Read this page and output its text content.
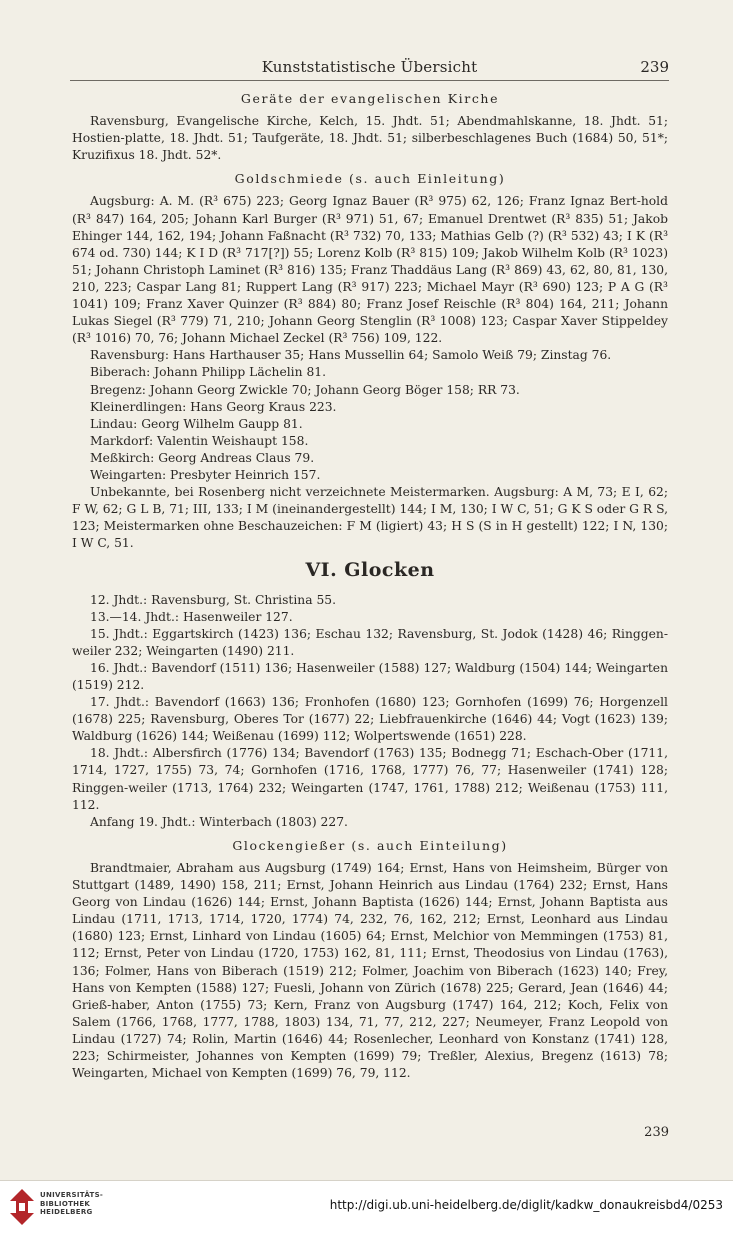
Kunststatistische Übersicht	239
Geräte der evangelischen Kirche

Ravensburg, Evangelische Kirche, Kelch, 15. Jhdt. 51; Abendmahlskanne, 18. Jhdt. 51; Hostien-platte, 18. Jhdt. 51; Taufgeräte, 18. Jhdt. 51; silberbeschlagenes Buch (1684) 50, 51*; Kruzifixus 18. Jhdt. 52*.

Goldschmiede (s. auch Einleitung)

Augsburg: A. M. (R³ 675) 223; Georg Ignaz Bauer (R³ 975) 62, 126; Franz Ignaz Bert-hold (R³ 847) 164, 205; Johann Karl Burger (R³ 971) 51, 67; Emanuel Drentwet (R³ 835) 51; Jakob Ehinger 144, 162, 194; Johann Faßnacht (R³ 732) 70, 133; Mathias Gelb (?) (R³ 532) 43; I K (R³ 674 od. 730) 144; K I D (R³ 717[?]) 55; Lorenz Kolb (R³ 815) 109; Jakob Wilhelm Kolb (R³ 1023) 51; Johann Christoph Laminet (R³ 816) 135; Franz Thaddäus Lang (R³ 869) 43, 62, 80, 81, 130, 210, 223; Caspar Lang 81; Ruppert Lang (R³ 917) 223; Michael Mayr (R³ 690) 123; P A G (R³ 1041) 109; Franz Xaver Quinzer (R³ 884) 80; Franz Josef Reischle (R³ 804) 164, 211; Johann Lukas Siegel (R³ 779) 71, 210; Johann Georg Stenglin (R³ 1008) 123; Caspar Xaver Stippeldey (R³ 1016) 70, 76; Johann Michael Zeckel (R³ 756) 109, 122.

Ravensburg: Hans Harthauser 35; Hans Mussellin 64; Samolo Weiß 79; Zinstag 76.

Biberach: Johann Philipp Lächelin 81.

Bregenz: Johann Georg Zwickle 70; Johann Georg Böger 158; RR 73.

Kleinerdlingen: Hans Georg Kraus 223.

Lindau: Georg Wilhelm Gaupp 81.

Markdorf: Valentin Weishaupt 158.

Meßkirch: Georg Andreas Claus 79.

Weingarten: Presbyter Heinrich 157.

Unbekannte, bei Rosenberg nicht verzeichnete Meistermarken. Augsburg: A M, 73; E I, 62; F W, 62; G L B, 71; III, 133; I M (ineinandergestellt) 144; I M, 130; I W C, 51; G K S oder G R S, 123; Meistermarken ohne Beschauzeichen: F M (ligiert) 43; H S (S in H gestellt) 122; I N, 130; I W C, 51.

VI. Glocken

12. Jhdt.: Ravensburg, St. Christina 55.

13.—14. Jhdt.: Hasenweiler 127.

15. Jhdt.: Eggartskirch (1423) 136; Eschau 132; Ravensburg, St. Jodok (1428) 46; Ringgen-weiler 232; Weingarten (1490) 211.

16. Jhdt.: Bavendorf (1511) 136; Hasenweiler (1588) 127; Waldburg (1504) 144; Weingarten (1519) 212.

17. Jhdt.: Bavendorf (1663) 136; Fronhofen (1680) 123; Gornhofen (1699) 76; Horgenzell (1678) 225; Ravensburg, Oberes Tor (1677) 22; Liebfrauenkirche (1646) 44; Vogt (1623) 139; Waldburg (1626) 144; Weißenau (1699) 112; Wolpertswende (1651) 228.

18. Jhdt.: Albersfirch (1776) 134; Bavendorf (1763) 135; Bodnegg 71; Eschach-Ober (1711, 1714, 1727, 1755) 73, 74; Gornhofen (1716, 1768, 1777) 76, 77; Hasenweiler (1741) 128; Ringgen-weiler (1713, 1764) 232; Weingarten (1747, 1761, 1788) 212; Weißenau (1753) 111, 112.

Anfang 19. Jhdt.: Winterbach (1803) 227.

Glockengießer (s. auch Einteilung)

Brandtmaier, Abraham aus Augsburg (1749) 164; Ernst, Hans von Heimsheim, Bürger von Stuttgart (1489, 1490) 158, 211; Ernst, Johann Heinrich aus Lindau (1764) 232; Ernst, Hans Georg von Lindau (1626) 144; Ernst, Johann Baptista (1626) 144; Ernst, Johann Baptista aus Lindau (1711, 1713, 1714, 1720, 1774) 74, 232, 76, 162, 212; Ernst, Leonhard aus Lindau (1680) 123; Ernst, Linhard von Lindau (1605) 64; Ernst, Melchior von Memmingen (1753) 81, 112; Ernst, Peter von Lindau (1720, 1753) 162, 81, 111; Ernst, Theodosius von Lindau (1763), 136; Folmer, Hans von Biberach (1519) 212; Folmer, Joachim von Biberach (1623) 140; Frey, Hans von Kempten (1588) 127; Fuesli, Johann von Zürich (1678) 225; Gerard, Jean (1646) 44; Grieß-haber, Anton (1755) 73; Kern, Franz von Augsburg (1747) 164, 212; Koch, Felix von Salem (1766, 1768, 1777, 1788, 1803) 134, 71, 77, 212, 227; Neumeyer, Franz Leopold von Lindau (1727) 74; Rolin, Martin (1646) 44; Rosenlecher, Leonhard von Konstanz (1741) 128, 223; Schirmeister, Johannes von Kempten (1699) 79; Treßler, Alexius, Bregenz (1613) 78; Weingarten, Michael von Kempten (1699) 76, 79, 112.

239
UNIVERSITÄTS-
BIBLIOTHEK
HEIDELBERG	http://digi.ub.uni-heidelberg.de/diglit/kadkw_donaukreisbd4/0253
